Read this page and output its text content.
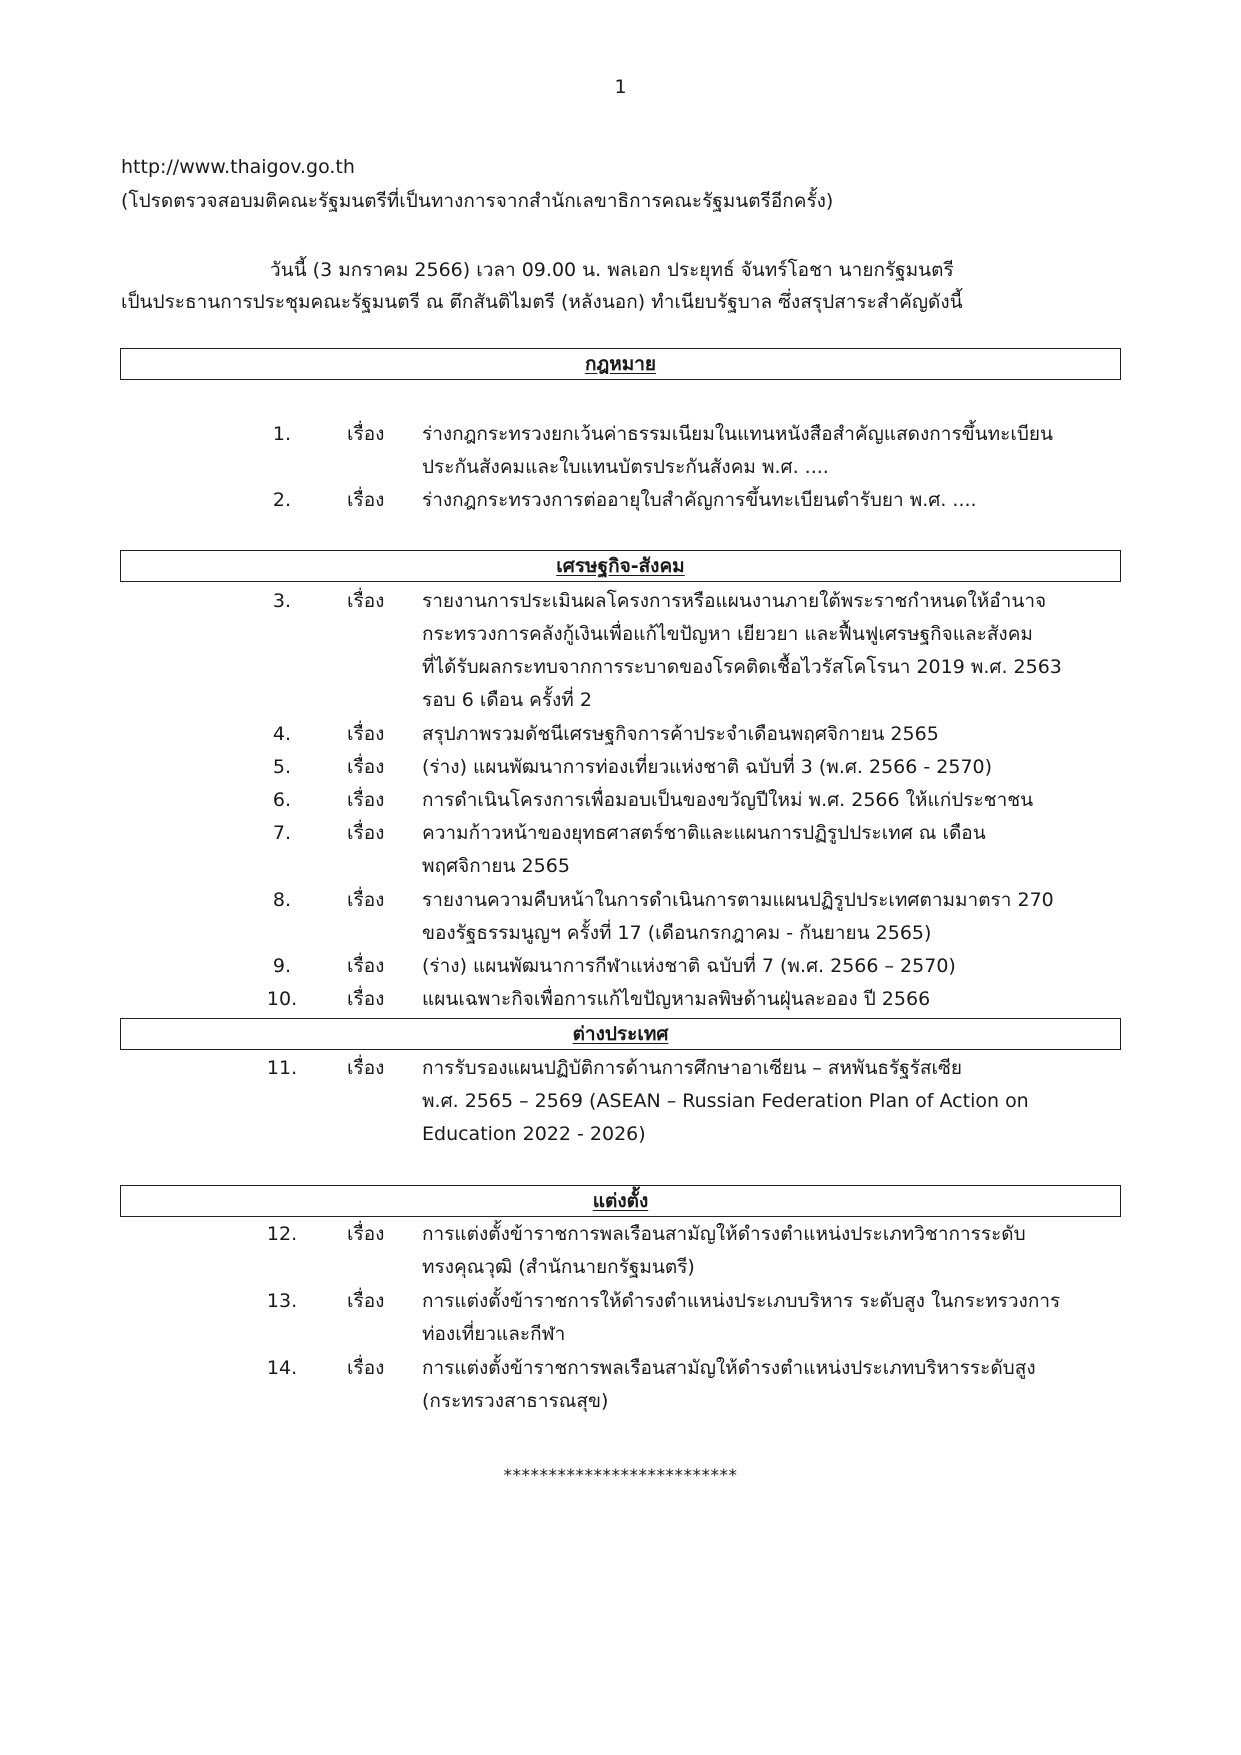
1
http://www.thaigov.go.th
(โปรดตรวจสอบมติคณะรัฐมนตรีที่เป็นทางการจากสำนักเลขาธิการคณะรัฐมนตรีอีกครั้ง)
วันนี้ (3 มกราคม 2566) เวลา 09.00 น. พลเอก ประยุทธ์ จันทร์โอชา นายกรัฐมนตรี
เป็นประธานการประชุมคณะรัฐมนตรี ณ ตึกสันติไมตรี (หลังนอก) ทำเนียบรัฐบาล ซึ่งสรุปสาระสำคัญดังนี้
กฎหมาย
1.	เรื่อง ร่างกฎกระทรวงยกเว้นค่าธรรมเนียมในแทนหนังสือสำคัญแสดงการขึ้นทะเบียน
ประกันสังคมและใบแทนบัตรประกันสังคม พ.ศ. ....
2.	เรื่อง ร่างกฎกระทรวงการต่ออายุใบสำคัญการขึ้นทะเบียนตำรับยา พ.ศ. ....
เศรษฐกิจ-สังคม
3.	เรื่อง รายงานการประเมินผลโครงการหรือแผนงานภายใต้พระราชกำหนดให้อำนาจ
กระทรวงการคลังกู้เงินเพื่อแก้ไขปัญหา เยียวยา และฟื้นฟูเศรษฐกิจและสังคม
ที่ได้รับผลกระทบจากการระบาดของโรคติดเชื้อไวรัสโคโรนา 2019 พ.ศ. 2563
รอบ 6 เดือน ครั้งที่ 2
4.	เรื่อง สรุปภาพรวมดัชนีเศรษฐกิจการค้าประจำเดือนพฤศจิกายน 2565
5.	เรื่อง (ร่าง) แผนพัฒนาการท่องเที่ยวแห่งชาติ ฉบับที่ 3 (พ.ศ. 2566 - 2570)
6.	เรื่อง การดำเนินโครงการเพื่อมอบเป็นของขวัญปีใหม่ พ.ศ. 2566 ให้แก่ประชาชน
7.	เรื่อง ความก้าวหน้าของยุทธศาสตร์ชาติและแผนการปฏิรูปประเทศ ณ เดือน
พฤศจิกายน 2565
8.	เรื่อง รายงานความคืบหน้าในการดำเนินการตามแผนปฏิรูปประเทศตามมาตรา 270
ของรัฐธรรมนูญฯ ครั้งที่ 17 (เดือนกรกฎาคม - กันยายน 2565)
9.	เรื่อง (ร่าง) แผนพัฒนาการกีฬาแห่งชาติ ฉบับที่ 7 (พ.ศ. 2566 – 2570)
10.	เรื่อง แผนเฉพาะกิจเพื่อการแก้ไขปัญหามลพิษด้านฝุ่นละออง ปี 2566
ต่างประเทศ
11.	เรื่อง การรับรองแผนปฏิบัติการด้านการศึกษาอาเซียน – สหพันธรัฐรัสเซีย
พ.ศ. 2565 – 2569 (ASEAN – Russian Federation Plan of Action on
Education 2022 - 2026)
แต่งตั้ง
12.	เรื่อง การแต่งตั้งข้าราชการพลเรือนสามัญให้ดำรงตำแหน่งประเภทวิชาการระดับ
ทรงคุณวุฒิ (สำนักนายกรัฐมนตรี)
13.	เรื่อง การแต่งตั้งข้าราชการให้ดำรงตำแหน่งประเภบบริหาร ระดับสูง ในกระทรวงการ
ท่องเที่ยวและกีฬา
14.	เรื่อง การแต่งตั้งข้าราชการพลเรือนสามัญให้ดำรงตำแหน่งประเภทบริหารระดับสูง
(กระทรวงสาธารณสุข)
**************************
